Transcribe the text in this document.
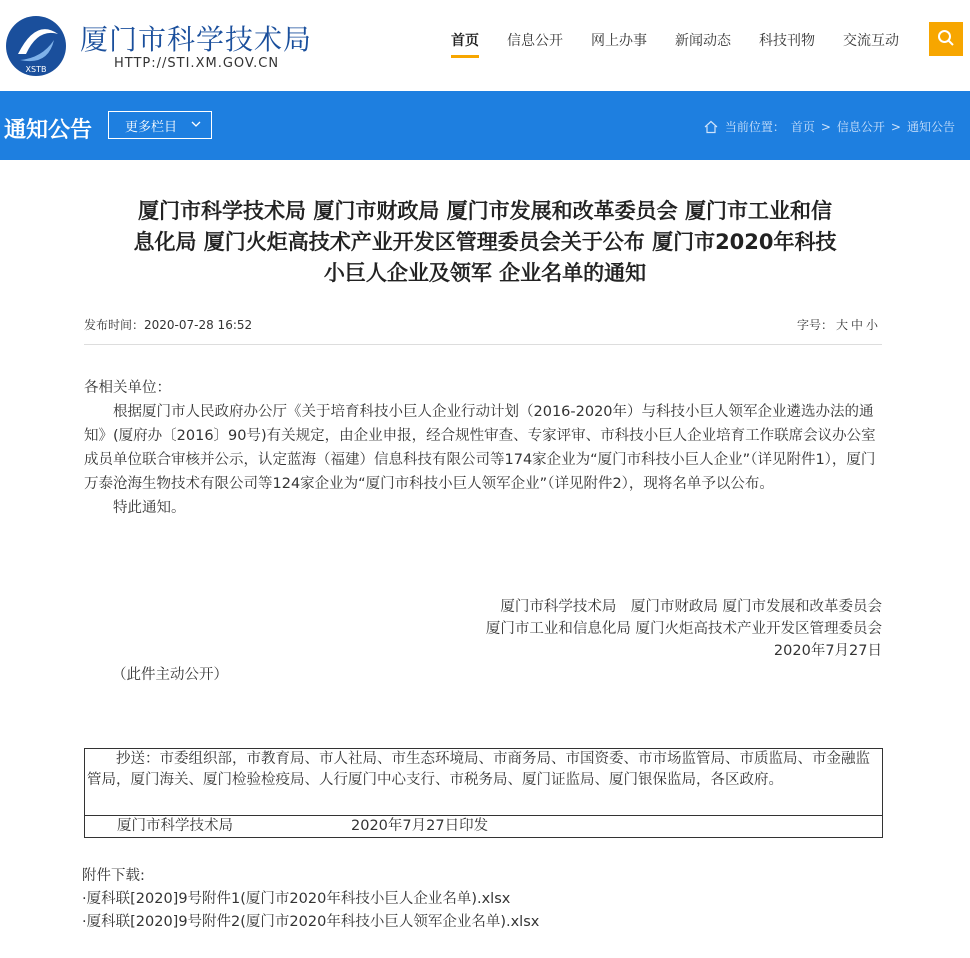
XSTB
厦门市科学技术局
HTTP://STI.XM.GOV.CN
首页 信息公开 网上办事 新闻动态 科技刊物 交流互动
通知公告	更多栏目	当前位置： 首页 > 信息公开 > 通知公告
厦门市科学技术局 厦门市财政局 厦门市发展和改革委员会 厦门市工业和信
息化局 厦门火炬高技术产业开发区管理委员会关于公布 厦门市2020年科技
小巨人企业及领军 企业名单的通知
发布时间：2020-07-28 16:52	字号： 大 中 小

各相关单位：

根据厦门市人民政府办公厅《关于培育科技小巨人企业行动计划（2016-2020年）与科技小巨人领军企业遴选办法的通知》(厦府办〔2016〕90号)有关规定，由企业申报，经合规性审查、专家评审、市科技小巨人企业培育工作联席会议办公室成员单位联合审核并公示，认定蓝海（福建）信息科技有限公司等174家企业为“厦门市科技小巨人企业”（详见附件1），厦门万泰沧海生物技术有限公司等124家企业为“厦门市科技小巨人领军企业”（详见附件2），现将名单予以公布。

特此通知。

厦门市科学技术局　厦门市财政局 厦门市发展和改革委员会
厦门市工业和信息化局 厦门火炬高技术产业开发区管理委员会
2020年7月27日
（此件主动公开）
抄送：市委组织部，市教育局、市人社局、市生态环境局、市商务局、市国资委、市市场监管局、市质监局、市金融监管局，厦门海关、厦门检验检疫局、人行厦门中心支行、市税务局、厦门证监局、厦门银保监局，各区政府。
厦门市科学技术局	2020年7月27日印发
附件下载:
·厦科联[2020]9号附件1(厦门市2020年科技小巨人企业名单).xlsx
·厦科联[2020]9号附件2(厦门市2020年科技小巨人领军企业名单).xlsx
